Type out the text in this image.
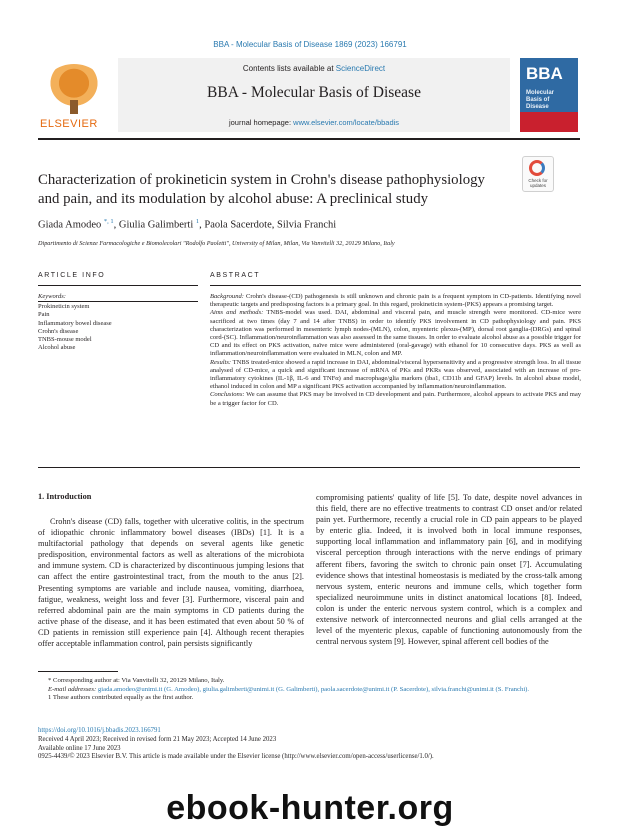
BBA - Molecular Basis of Disease 1869 (2023) 166791
ELSEVIER
Contents lists available at ScienceDirect
BBA - Molecular Basis of Disease
journal homepage: www.elsevier.com/locate/bbadis
BBA
Molecular
Basis of
Disease
Characterization of prokineticin system in Crohn's disease pathophysiology
and pain, and its modulation by alcohol abuse: A preclinical study
Check for
updates
Giada Amodeo $^{*, 1}$, Giulia Galimberti $^1$, Paola Sacerdote, Silvia Franchi
Dipartimento di Scienze Farmacologiche e Biomolecolari "Rodolfo Paoletti", University of Milan, Milan, Via Vanvitelli 32, 20129 Milano, Italy
ARTICLE INFO	ABSTRACT
Keywords:
Prokineticin system
Pain
Inflammatory bowel disease
Crohn's disease
TNBS-mouse model
Alcohol abuse

Background: Crohn's disease-(CD) pathogenesis is still unknown and chronic pain is a frequent symptom in CD-patients. Identifying novel therapeutic targets and predisposing factors is a primary goal. In this regard, prokineticin system-(PKS) appears a promising target.

Aims and methods: TNBS-model was used. DAI, abdominal and visceral pain, and muscle strength were monitored. CD-mice were sacrificed at two times (day 7 and 14 after TNBS) in order to identify PKS involvement in CD pathophysiology and pain. PKS characterization was performed in mesenteric lymph nodes-(MLN), colon, myenteric plexus-(MP), dorsal root ganglia-(DRGs) and spinal cord-(SC). Inflammation/neuroinflammation was also assessed in the same tissues. In order to evaluate alcohol abuse as a possible trigger for CD and its effect on PKS activation, naïve mice were administered (oral-gavage) with ethanol for 10 consecutive days. PKS as well as inflammation/neuroinflammation were evaluated in MLN, colon and MP.

Results: TNBS treated-mice showed a rapid increase in DAI, abdominal/visceral hypersensitivity and a progressive strength loss. In all tissue analysed of CD-mice, a quick and significant increase of mRNA of PKs and PKRs was observed, associated with an increase of pro-inflammatory cytokines (IL-1β, IL-6 and TNFα) and macrophage/glia markers (iba1, CD11b and GFAP) levels. In alcohol abuse model, ethanol induced in colon and MP a significant PKS activation accompanied by inflammation/neuroinflammation.

Conclusions: We can assume that PKS may be involved in CD development and pain. Furthermore, alcohol appears to activate PKS and may be a trigger factor for CD.

1. Introduction

Crohn's disease (CD) falls, together with ulcerative colitis, in the spectrum of idiopathic chronic inflammatory bowel diseases (IBDs) [1]. It is a multifactorial pathology that depends on several agents like genetic predisposition, environmental factors as well as alterations of the microbiota and immune system. CD is characterized by discontinuous jumping lesions that can affect the entire gastrointestinal tract, from the mouth to the anus [2]. Presenting symptoms are variable and include nausea, vomiting, diarrhoea, fatigue, weakness, weight loss and fever [3]. Furthermore, visceral pain and referred abdominal pain are the main symptoms in CD patients during the active phase of the disease, and it has been estimated that even about 50 % of CD patients in remission still experience pain [4]. Although recent therapies offer acceptable inflammation control, pain persists significantly

compromising patients' quality of life [5]. To date, despite novel advances in this field, there are no effective treatments to contrast CD onset and/or related pain yet. Furthermore, recently a crucial role in CD pain appears to be played by enteric glia. Indeed, it is involved both in local immune responses, supporting local inflammation and inflammatory pain [6], and in modifying visceral perception through interactions with the nerve endings of primary afferent fibers, favoring the switch to chronic pain onset [7]. Accumulating evidence shows that intestinal homeostasis is mediated by the cross-talk among nervous system, enteric neurons and immune cells, which together form specialized neuroimmune units in distinct anatomical locations [8]. Indeed, colon is under the enteric nervous system control, which is a complex and extensive network of interconnected neurons and glial cells arranged at the level of the myenteric plexus, capable of functioning autonomously from the central nervous system [9]. However, spinal afferent cell bodies of the

* Corresponding author at: Via Vanvitelli 32, 20129 Milano, Italy.
E-mail addresses: giada.amodeo@unimi.it (G. Amodeo), giulia.galimberti@unimi.it (G. Galimberti), paola.sacerdote@unimi.it (P. Sacerdote), silvia.franchi@unimi.it (S. Franchi).
1 These authors contributed equally as the first author.
https://doi.org/10.1016/j.bbadis.2023.166791
Received 4 April 2023; Received in revised form 21 May 2023; Accepted 14 June 2023
Available online 17 June 2023
0925-4439/© 2023 Elsevier B.V. This article is made available under the Elsevier license (http://www.elsevier.com/open-access/userlicense/1.0/).
ebook-hunter.org
